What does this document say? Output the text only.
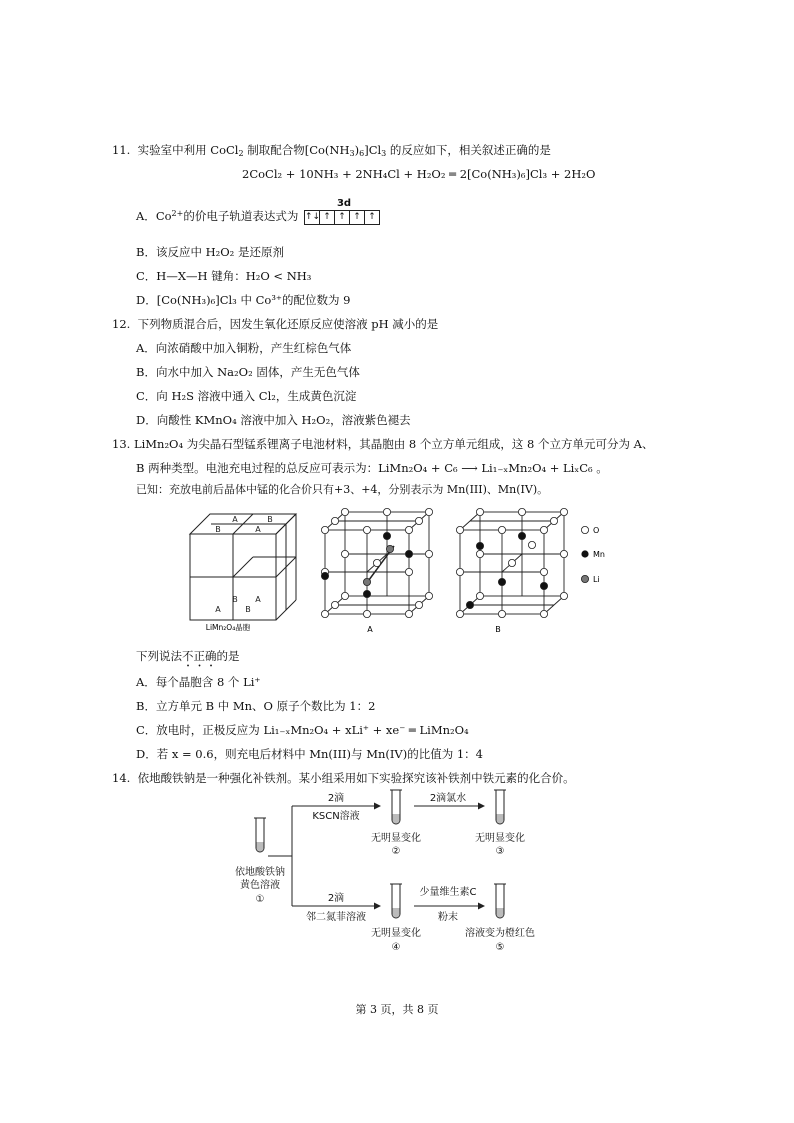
11. 实验室中利用 CoCl$_2$ 制取配合物$[Co(NH_3)_6]Cl_3$ 的反应如下，相关叙述正确的是
2CoCl₂ + 10NH₃ + 2NH₄Cl + H₂O₂ ═ 2[Co(NH₃)₆]Cl₃ + 2H₂O
A．$Co^{2+}$的价电子轨道表达式为
3d
↑↓ ↑ ↑ ↑ ↑
B．该反应中 H₂O₂ 是还原剂
C．H—X—H 键角：H₂O < NH₃
D．[Co(NH₃)₆]Cl₃ 中 Co³⁺的配位数为 9
12. 下列物质混合后，因发生氧化还原反应使溶液 pH 减小的是
A．向浓硝酸中加入铜粉，产生红棕色气体
B．向水中加入 Na₂O₂ 固体，产生无色气体
C．向 H₂S 溶液中通入 Cl₂，生成黄色沉淀
D．向酸性 KMnO₄ 溶液中加入 H₂O₂，溶液紫色褪去
13. LiMn₂O₄ 为尖晶石型锰系锂离子电池材料，其晶胞由 8 个立方单元组成，这 8 个立方单元可分为 A、
B 两种类型。电池充电过程的总反应可表示为：LiMn₂O₄ + C₆ ⟶ Li₁₋ₓMn₂O₄ + LiₓC₆ 。
已知：充放电前后晶体中锰的化合价只有+3、+4，分别表示为 Mn(III)、Mn(IV)。
A	B
B	A
B A
A	B
LiMn₂O₄晶胞	A	B
O
Mn
Li
下列说法不正确的是
A．每个晶胞含 8 个 Li⁺
B．立方单元 B 中 Mn、O 原子个数比为 1：2
C．放电时，正极反应为 Li₁₋ₓMn₂O₄ + xLi⁺ + xe⁻ ═ LiMn₂O₄
D．若 x = 0.6，则充电后材料中 Mn(III)与 Mn(IV)的比值为 1：4
14. 依地酸铁钠是一种强化补铁剂。某小组采用如下实验探究该补铁剂中铁元素的化合价。
依地酸铁钠
黄色溶液
①
2滴
KSCN溶液
2滴
邻二氮菲溶液
无明显变化
②
无明显变化
④
2滴氯水
少量维生素C
粉末
无明显变化
③
溶液变为橙红色
⑤
第 3 页，共 8 页
